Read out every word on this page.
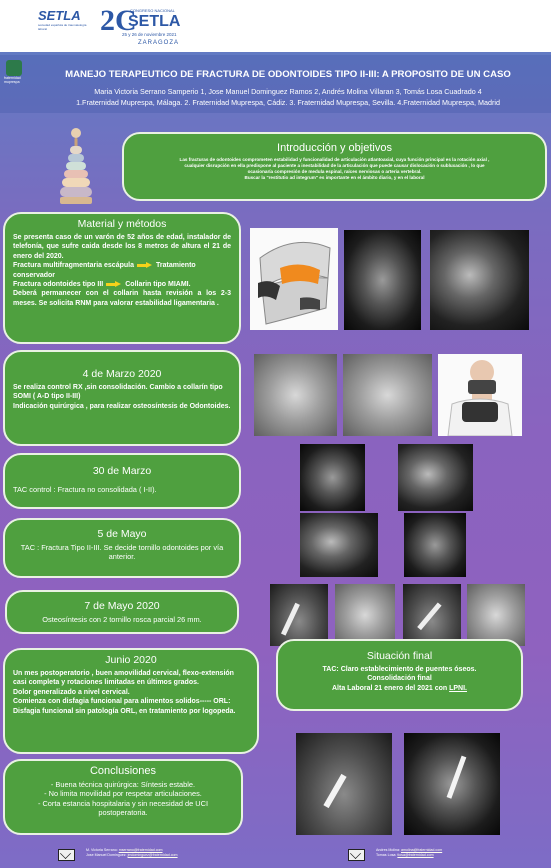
SETLA
sociedad española de traumatología laboral	2C
CONGRESO NACIONAL
SETLA
25 y 26 de noviembre 2021
ZARAGOZA
fraternidad muprespa
MANEJO TERAPEUTICO DE FRACTURA DE ODONTOIDES TIPO II-III: A PROPOSITO DE UN CASO
Maria Victoria Serrano Samperio 1, Jose Manuel Dominguez Ramos 2, Andrés Molina Villaran 3, Tomás Losa Cuadrado 4
1.Fraternidad Muprespa, Málaga. 2. Fraternidad Muprespa, Cádiz. 3. Fraternidad Muprespa, Sevilla. 4.Fraternidad Muprespa, Madrid
Introducción y objetivos
Las fracturas de odontoides comprometen estabilidad y funcionalidad de articulación atlantoaxial, cuya función principal es la rotación axial ,
cualquier disrupción en ella predispone al paciente a inestabilidad de la articulación que puede causar dislocación o subluxación , lo que
ocasionaría compresión de medula espinal, raíces nerviosas o arteria vertebral.
Buscar la "restitutio ad integrum" es importante en el ámbito diario, y en el laboral
Material y métodos
Se presenta caso de un varón de 52 años de edad, instalador de telefonía, que sufre caida desde los 8 metros de altura el 21 de enero del 2020.
Fractura multifragmentaria escápula	Tratamiento conservador
Fractura odontoides tipo III	Collarin tipo MIAMI.
Deberá permanecer con el collarin hasta revisión a los 2-3 meses. Se solicita RNM para valorar estabilidad ligamentaria .
4 de Marzo 2020
Se realiza control RX ,sin consolidación. Cambio a collarín tipo SOMI ( A-D tipo II-III)
Indicación quirúrgica , para realizar osteosíntesis de Odontoides.
30 de Marzo
TAC control : Fractura no consolidada ( I-II).
5 de Mayo
TAC : Fractura Tipo II-III. Se decide tornillo odontoides por vía anterior.
7 de Mayo 2020
Osteosíntesis con 2 tornillo rosca parcial 26 mm.
Junio 2020
Un mes postoperatorio , buen amovilidad cervical, flexo-extensión casi completa y rotaciones limitadas en últimos grados.
Dolor generalizado a nivel cervical.
Comienza con disfagia funcional para alimentos solidos----- ORL: Disfagia funcional sin patología ORL, en tratamiento por logopeda.
Situación final
TAC: Claro establecimiento de puentes óseos.
Consolidación final
Alta Laboral 21 enero del 2021 con LPNI.
Conclusiones
- Buena técnica quirúrgica: Síntesis estable.
- No limita movilidad por respetar articulaciones.
- Corta estancia hospitalaria y sin necesidad de UCI postoperatoria.
M. Victoria Serrano: mserrano@fraternidad.com
Jose Manuel Dominguez: jmdominguez@fraternidad.com
Andres Molina: amolina@fraternidad.com
Tomas Losa: tlosa@fraternidad.com
